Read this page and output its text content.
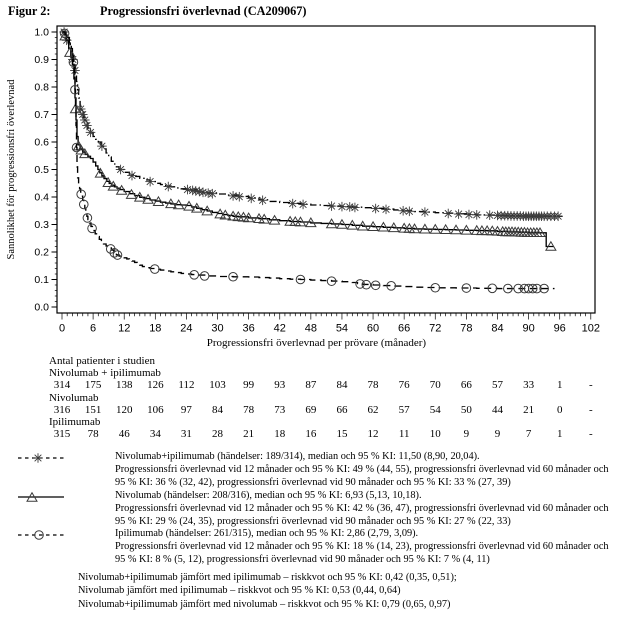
Figur 2:	Progressionsfri överlevnad (CA209067)
0.0
0.1
0.2
0.3
0.4
0.5
0.6
0.7
0.8
0.9
1.0
0 6 12 18 24 30 36 42 48 54 60 66 72 78 84 90 96 102
Progressionsfri överlevnad per prövare (månader)
Sannolikhet för progressionsfri överlevnad
Antal patienter i studien
Nivolumab + ipilimumab
314	175	138	126	112	103	99	93	87	84	78	76	70	66	57	33	1	-
Nivolumab
316	151	120	106	97	84	78	73	69	66	62	57	54	50	44	21	0	-
Ipilimumab
315	78	46	34	31	28	21	18	16	15	12	11	10	9	9	7	1	-
Nivolumab+ipilimumab (händelser: 189/314), median och 95 % KI: 11,50 (8,90, 20,04).
Progressionsfri överlevnad vid 12 månader och 95 % KI: 49 % (44, 55), progressionsfri överlevnad vid 60 månader och
95 % KI: 36 % (32, 42), progressionsfri överlevnad vid 90 månader och 95 % KI: 33 % (27, 39)
Nivolumab (händelser: 208/316), median och 95 % KI: 6,93 (5,13, 10,18).
Progressionsfri överlevnad vid 12 månader och 95 % KI: 42 % (36, 47), progressionsfri överlevnad vid 60 månader och
95 % KI: 29 % (24, 35), progressionsfri överlevnad vid 90 månader och 95 % KI: 27 % (22, 33)
Ipilimumab (händelser: 261/315), median och 95 % KI: 2,86 (2,79, 3,09).
Progressionsfri överlevnad vid 12 månader och 95 % KI: 18 % (14, 23), progressionsfri överlevnad vid 60 månader och
95 % KI: 8 % (5, 12), progressionsfri överlevnad vid 90 månader och 95 % KI: 7 % (4, 11)
Nivolumab+ipilimumab jämfört med ipilimumab – riskkvot och 95 % KI: 0,42 (0,35, 0,51);
Nivolumab jämfört med ipilimumab – riskkvot och 95 % KI: 0,53 (0,44, 0,64)
Nivolumab+ipilimumab jämfört med nivolumab – riskkvot och 95 % KI: 0,79 (0,65, 0,97)
